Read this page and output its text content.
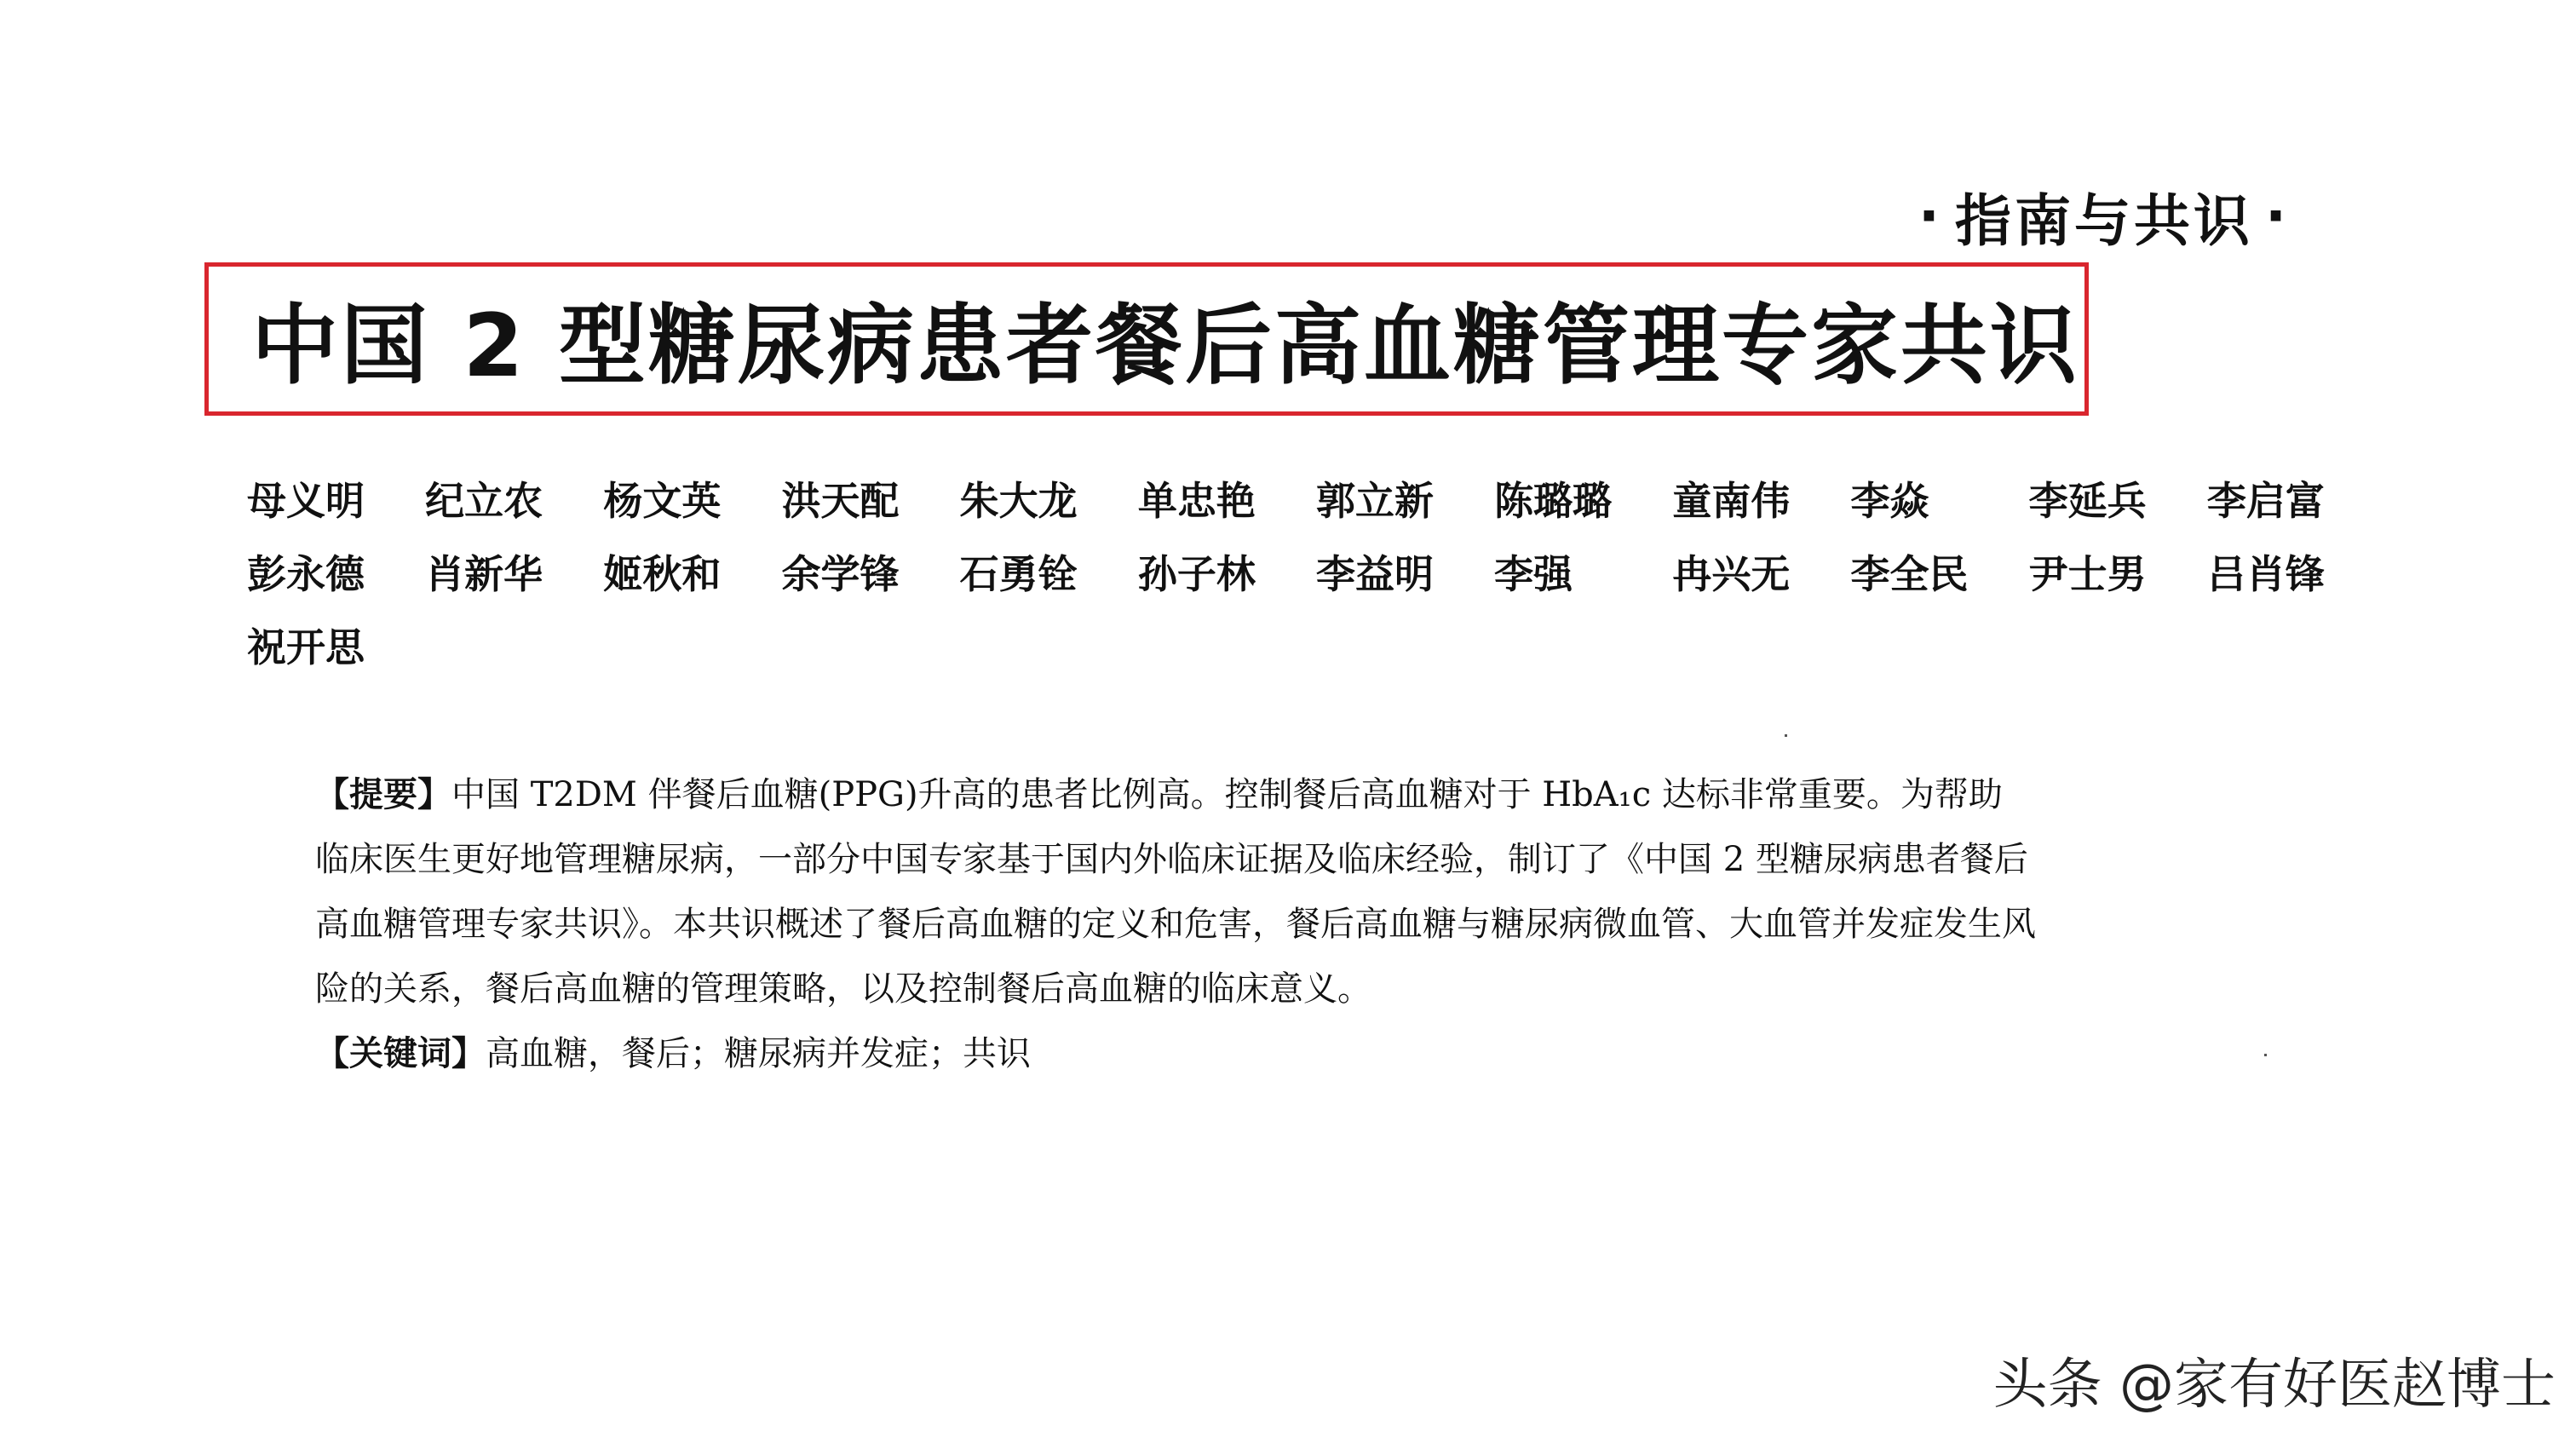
· 指南与共识 ·
中国 2 型糖尿病患者餐后高血糖管理专家共识
母义明	纪立农	杨文英	洪天配	朱大龙	单忠艳	郭立新	陈璐璐	童南伟	李焱	李延兵	李启富
彭永德	肖新华	姬秋和	余学锋	石勇铨	孙子林	李益明	李强	冉兴无	李全民	尹士男	吕肖锋
祝开思

【提要】中国 T2DM 伴餐后血糖(PPG)升高的患者比例高。控制餐后高血糖对于 HbA₁c 达标非常重要。为帮助临床医生更好地管理糖尿病，一部分中国专家基于国内外临床证据及临床经验，制订了《中国 2 型糖尿病患者餐后高血糖管理专家共识》。本共识概述了餐后高血糖的定义和危害，餐后高血糖与糖尿病微血管、大血管并发症发生风险的关系，餐后高血糖的管理策略，以及控制餐后高血糖的临床意义。

【关键词】高血糖，餐后；糖尿病并发症；共识

头条 @家有好医赵博士
